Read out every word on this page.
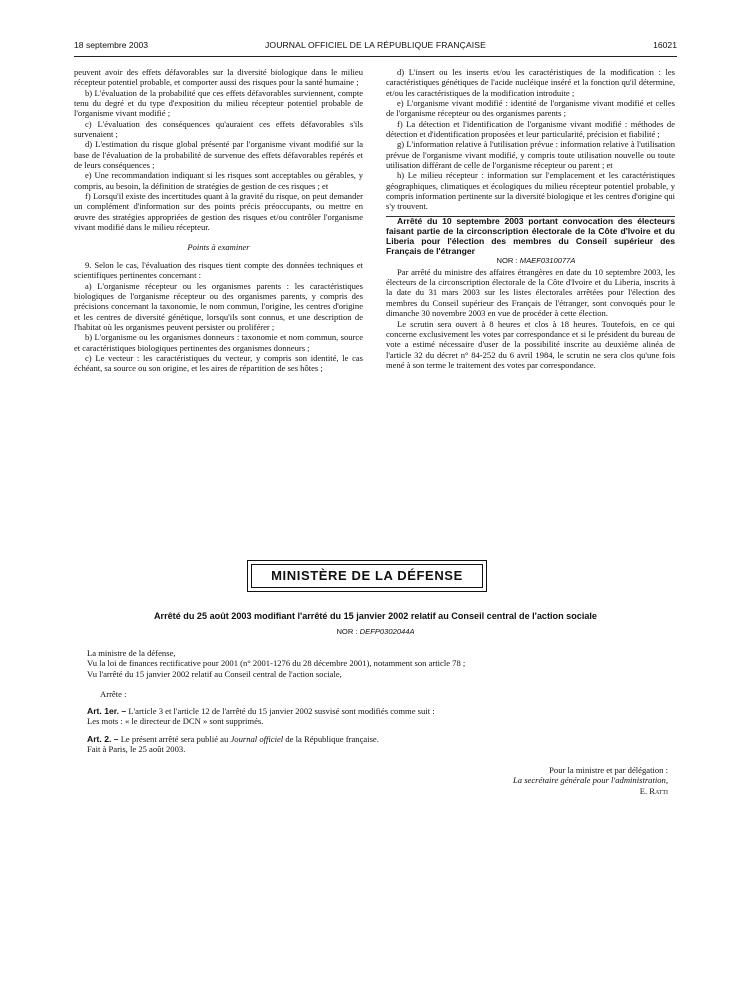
18 septembre 2003	JOURNAL OFFICIEL DE LA RÉPUBLIQUE FRANÇAISE	16021

peuvent avoir des effets défavorables sur la diversité biologique dans le milieu récepteur potentiel probable, et comporter aussi des risques pour la santé humaine ;

b) L'évaluation de la probabilité que ces effets défavorables surviennent, compte tenu du degré et du type d'exposition du milieu récepteur potentiel probable de l'organisme vivant modifié ;

c) L'évaluation des conséquences qu'auraient ces effets défavorables s'ils survenaient ;

d) L'estimation du risque global présenté par l'organisme vivant modifié sur la base de l'évaluation de la probabilité de survenue des effets défavorables repérés et de leurs conséquences ;

e) Une recommandation indiquant si les risques sont acceptables ou gérables, y compris, au besoin, la définition de stratégies de gestion de ces risques ; et

f) Lorsqu'il existe des incertitudes quant à la gravité du risque, on peut demander un complément d'information sur des points précis préoccupants, ou mettre en œuvre des stratégies appropriées de gestion des risques et/ou contrôler l'organisme vivant modifié dans le milieu récepteur.

Points à examiner

9. Selon le cas, l'évaluation des risques tient compte des données techniques et scientifiques pertinentes concernant :

a) L'organisme récepteur ou les organismes parents : les caractéristiques biologiques de l'organisme récepteur ou des organismes parents, y compris des précisions concernant la taxonomie, le nom commun, l'origine, les centres d'origine et les centres de diversité génétique, lorsqu'ils sont connus, et une description de l'habitat où les organismes peuvent persister ou proliférer ;

b) L'organisme ou les organismes donneurs : taxonomie et nom commun, source et caractéristiques biologiques pertinentes des organismes donneurs ;

c) Le vecteur : les caractéristiques du vecteur, y compris son identité, le cas échéant, sa source ou son origine, et les aires de répartition de ses hôtes ;

d) L'insert ou les inserts et/ou les caractéristiques de la modification : les caractéristiques génétiques de l'acide nucléique inséré et la fonction qu'il détermine, et/ou les caractéristiques de la modification introduite ;

e) L'organisme vivant modifié : identité de l'organisme vivant modifié et celles de l'organisme récepteur ou des organismes parents ;

f) La détection et l'identification de l'organisme vivant modifié : méthodes de détection et d'identification proposées et leur particularité, précision et fiabilité ;

g) L'information relative à l'utilisation prévue : information relative à l'utilisation prévue de l'organisme vivant modifié, y compris toute utilisation nouvelle ou toute utilisation différant de celle de l'organisme récepteur ou parent ; et

h) Le milieu récepteur : information sur l'emplacement et les caractéristiques géographiques, climatiques et écologiques du milieu récepteur potentiel probable, y compris information pertinente sur la diversité biologique et les centres d'origine qui s'y trouvent.

Arrêté du 10 septembre 2003 portant convocation des électeurs faisant partie de la circonscription électorale de la Côte d'Ivoire et du Liberia pour l'élection des membres du Conseil supérieur des Français de l'étranger

NOR : MAEF0310077A

Par arrêté du ministre des affaires étrangères en date du 10 septembre 2003, les électeurs de la circonscription électorale de la Côte d'Ivoire et du Liberia, inscrits à la date du 31 mars 2003 sur les listes électorales arrêtées pour l'élection des membres du Conseil supérieur des Français de l'étranger, sont convoqués pour le dimanche 30 novembre 2003 en vue de procéder à cette élection.

Le scrutin sera ouvert à 8 heures et clos à 18 heures. Toutefois, en ce qui concerne exclusivement les votes par correspondance et si le président du bureau de vote a estimé nécessaire d'user de la possibilité inscrite au deuxième alinéa de l'article 32 du décret n° 84-252 du 6 avril 1984, le scrutin ne sera clos qu'une fois mené à son terme le traitement des votes par correspondance.

MINISTÈRE DE LA DÉFENSE
Arrêté du 25 août 2003 modifiant l'arrêté du 15 janvier 2002 relatif au Conseil central de l'action sociale
NOR : DEFP0302044A

La ministre de la défense,

Vu la loi de finances rectificative pour 2001 (n° 2001-1276 du 28 décembre 2001), notamment son article 78 ;

Vu l'arrêté du 15 janvier 2002 relatif au Conseil central de l'action sociale,

Arrête :

Art. 1er. – L'article 3 et l'article 12 de l'arrêté du 15 janvier 2002 susvisé sont modifiés comme suit :

Les mots : « le directeur de DCN » sont supprimés.

Art. 2. – Le présent arrêté sera publié au Journal officiel de la République française.

Fait à Paris, le 25 août 2003.

Pour la ministre et par délégation :

La secrétaire générale pour l'administration,

E. Ratti
